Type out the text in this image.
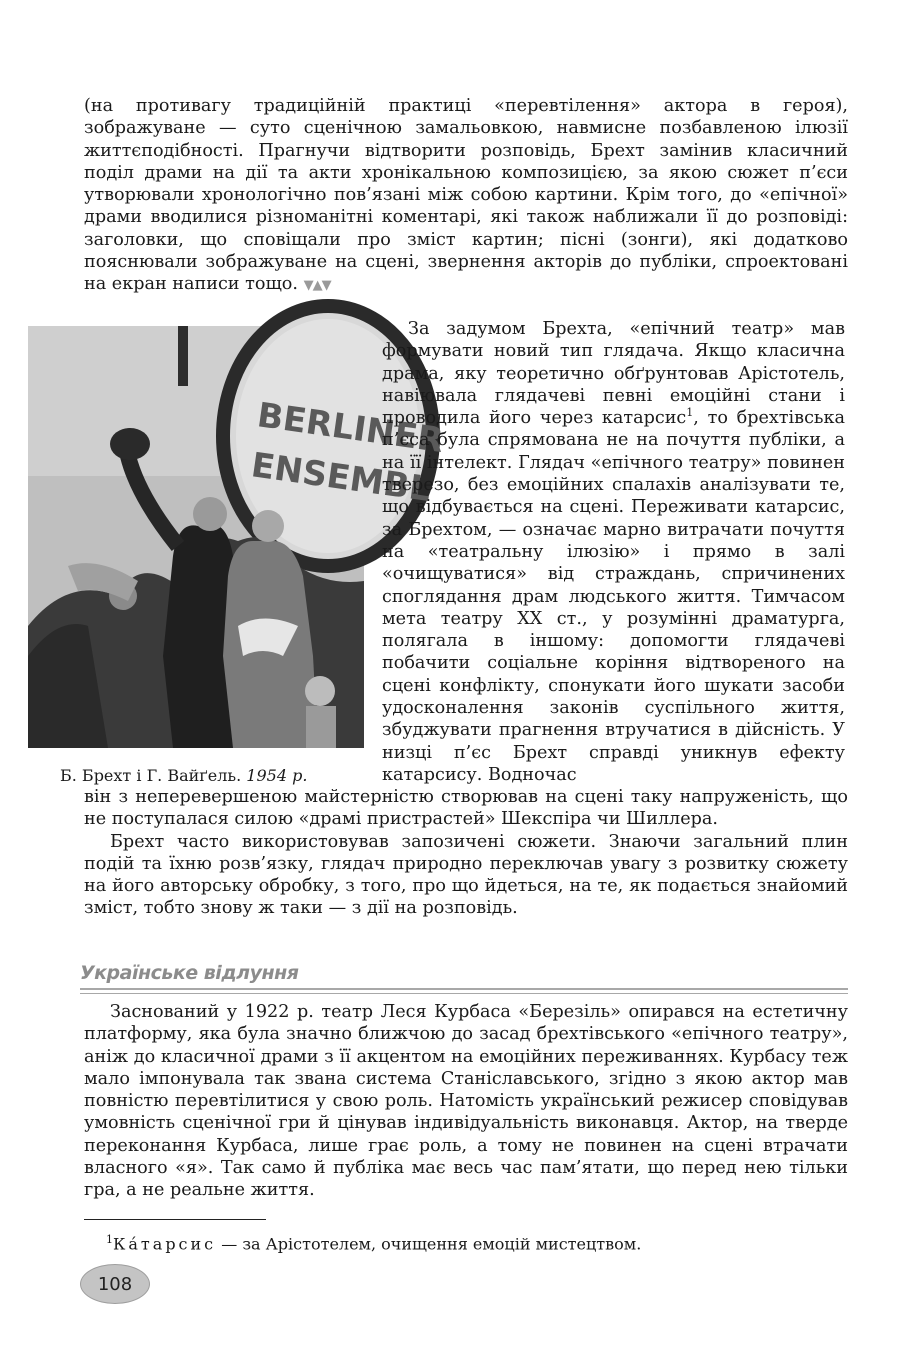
(на противагу традиційній практиці «перевтілення» актора в героя), зображуване — суто сценічною замальовкою, навмисне позбавленою ілюзії життєподібності. Прагнучи відтворити розповідь, Брехт замінив класичний поділ драми на дії та акти хронікальною композицією, за якою сюжет п’єси утворювали хронологічно пов’язані між собою картини. Крім того, до «епічної» драми вводилися різноманітні коментарі, які також наближали її до розповіді: заголовки, що сповіщали про зміст картин; пісні (зонги), які додатково пояснювали зображуване на сцені, звернення акторів до публіки, спроектовані на екран написи тощо. ▼▲▼
BERLINER
ENSEMBL
Б. Брехт і Г. Вайґель. 1954 р.
За задумом Брехта, «епічний театр» мав формувати новий тип глядача. Якщо класична драма, яку теоретично обґрунтовав Арістотель, навіювала глядачеві певні емоційні стани і проводила його через катарсис$^1$, то брехтівська п’єса була спрямована не на почуття публіки, а на її інтелект. Глядач «епічного театру» повинен тверезо, без емоційних спалахів аналізувати те, що відбувається на сцені. Переживати катарсис, за Брехтом, — означає марно витрачати почуття на «театральну ілюзію» і прямо в залі «очищуватися» від страждань, спричинених споглядання драм людського життя. Тимчасом мета театру XX ст., у розумінні драматурга, полягала в іншому: допомогти глядачеві побачити соціальне коріння відтвореного на сцені конфлікту, спонукати його шукати засоби удосконалення законів суспільного життя, збуджувати прагнення втручатися в дійсність. У низці п’єс Брехт справді уникнув ефекту катарсису. Водночас

він з неперевершеною майстерністю створював на сцені таку напруженість, що не поступалася силою «драмі пристрастей» Шекспіра чи Шиллера.

Брехт часто використовував запозичені сюжети. Знаючи загальний плин подій та їхню розв’язку, глядач природно переключав увагу з розвитку сюжету на його авторську обробку, з того, про що йдеться, на те, як подається знайомий зміст, тобто знову ж таки — з дії на розповідь.

Українське відлуння
Заснований у 1922 р. театр Леся Курбаса «Березіль» опирався на естетичну платформу, яка була значно ближчою до засад брехтівського «епічного театру», аніж до класичної драми з її акцентом на емоційних переживаннях. Курбасу теж мало імпонувала так звана система Станіславського, згідно з якою актор мав повністю перевтілитися у свою роль. Натомість український режисер сповідував умовність сценічної гри й цінував індивідуальність виконавця. Актор, на тверде переконання Курбаса, лише грає роль, а тому не повинен на сцені втрачати власного «я». Так само й публіка має весь час пам’ятати, що перед нею тільки гра, а не реальне життя.
$^1$Ка́тарсис — за Арістотелем, очищення емоцій мистецтвом.
108
